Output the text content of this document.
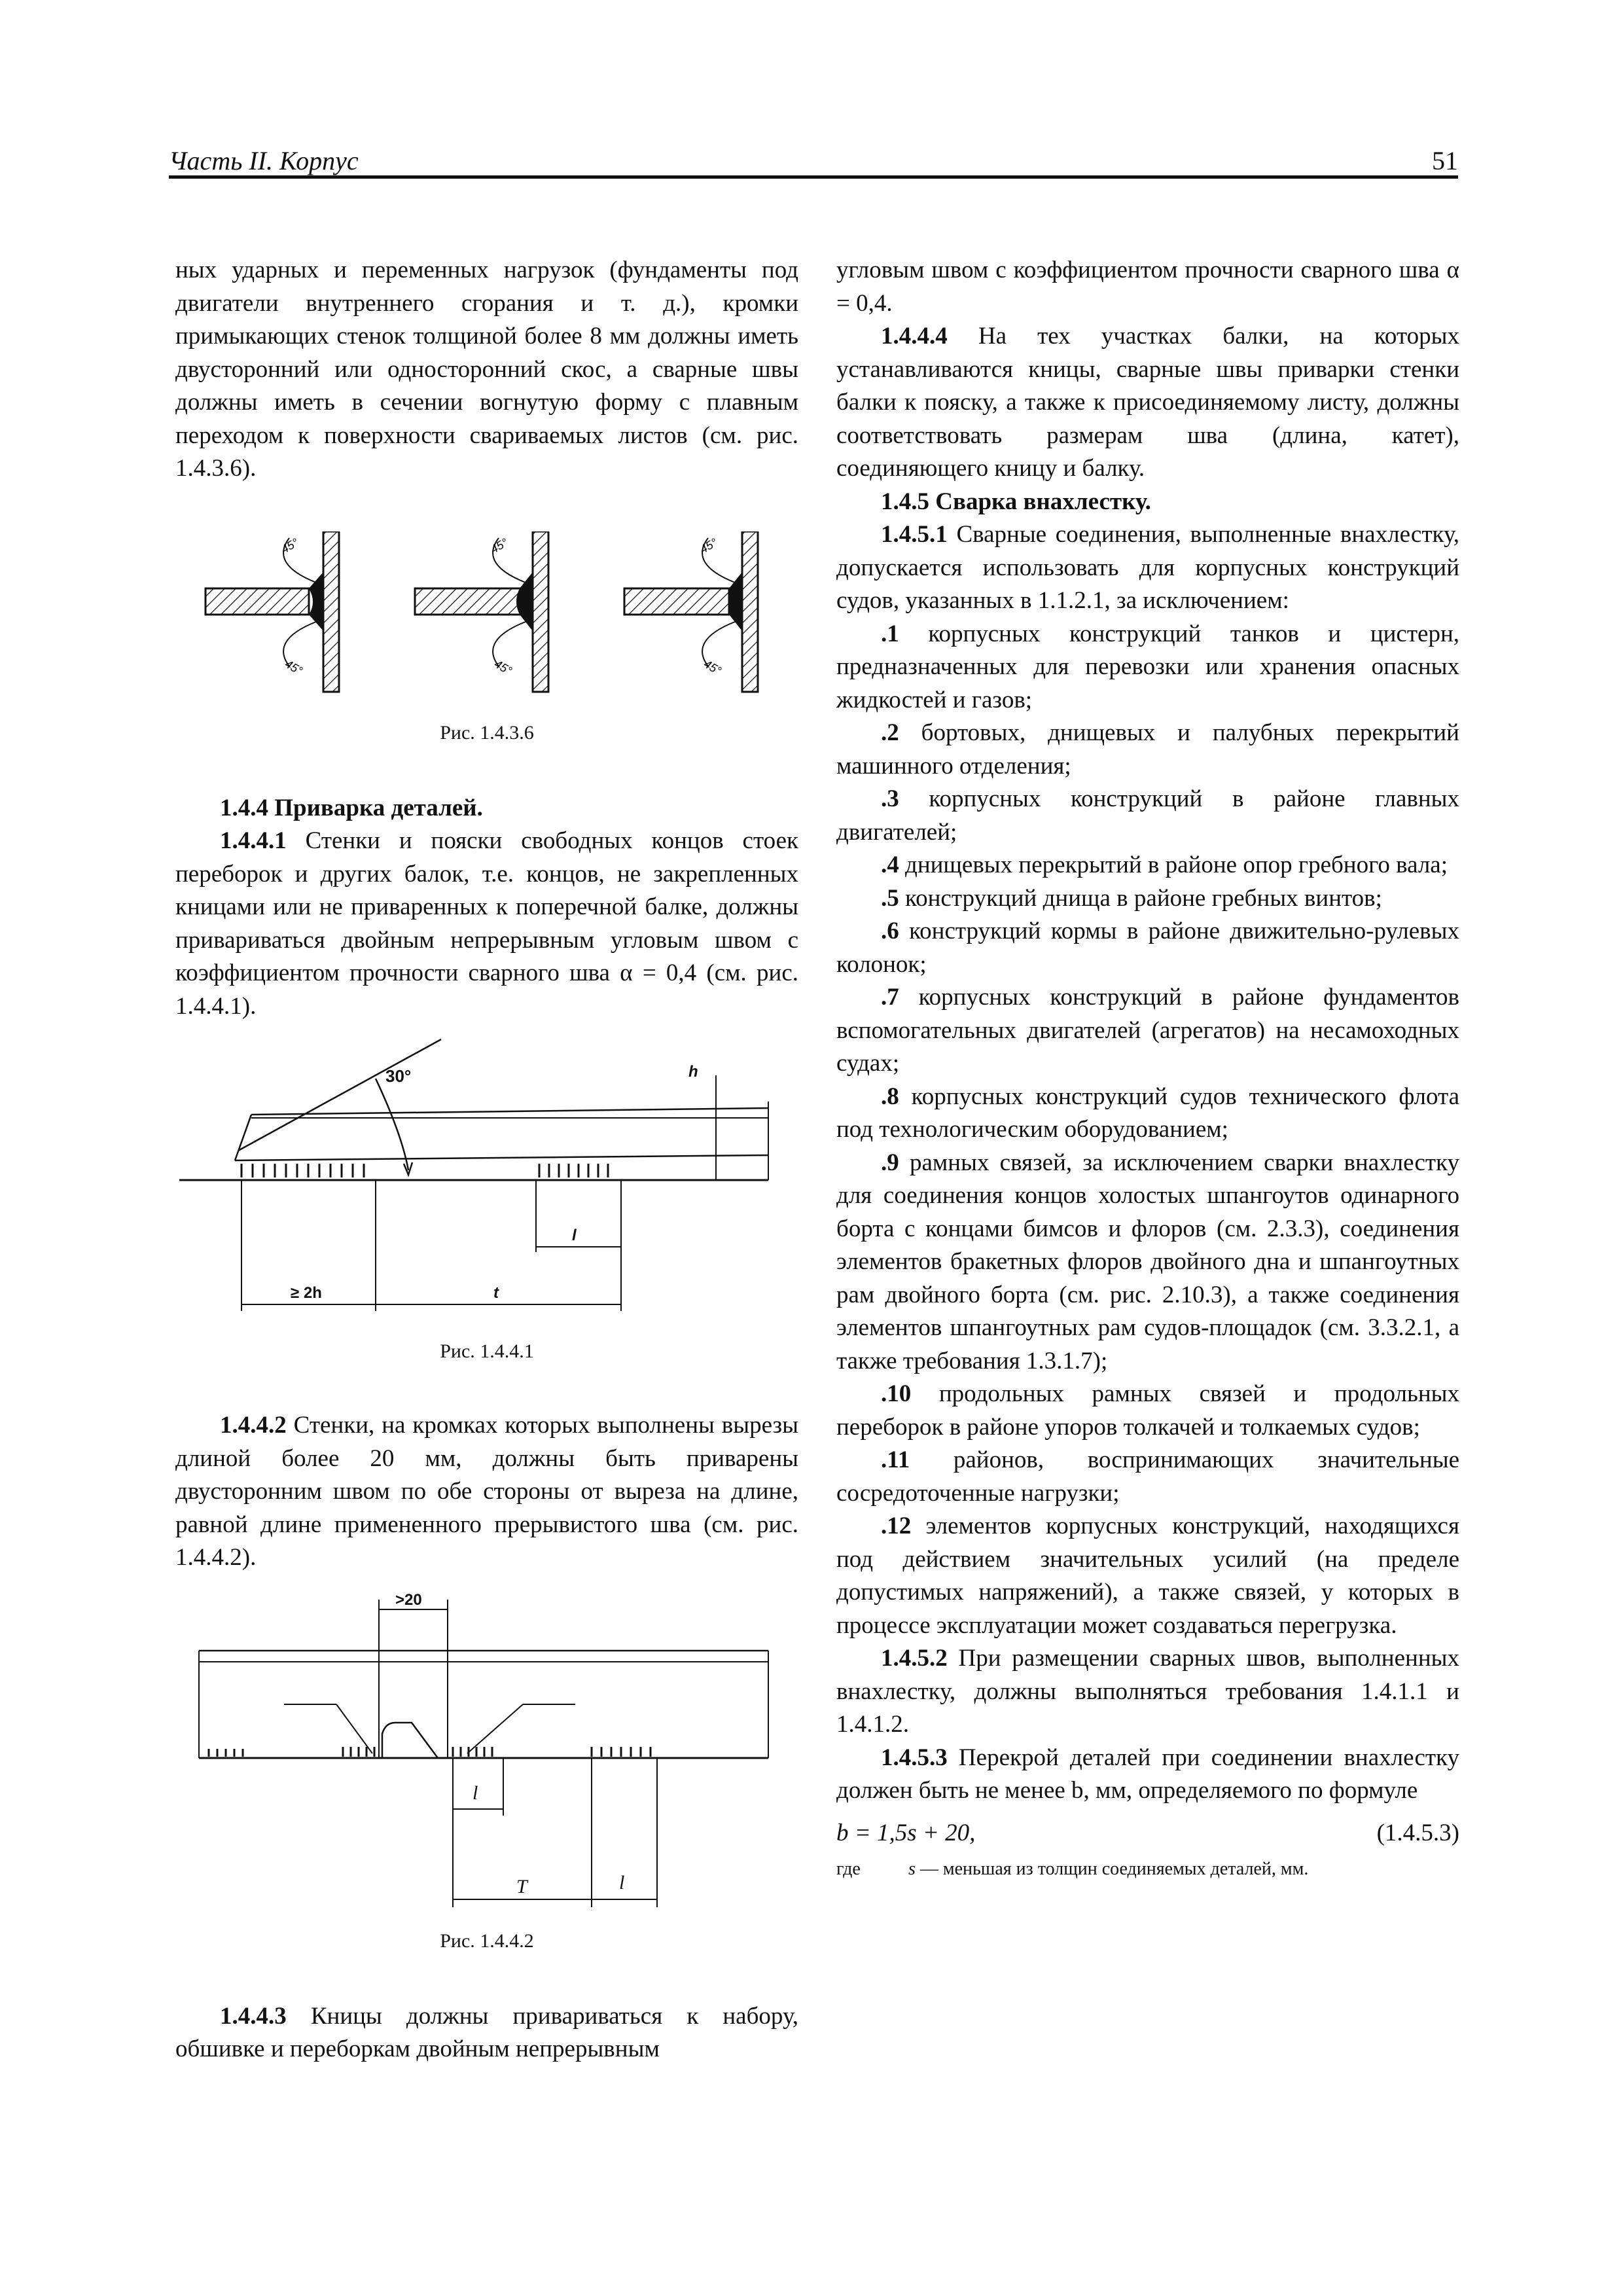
Часть II. Корпус	51

ных ударных и переменных нагрузок (фундаменты под двигатели внутреннего сгорания и т. д.), кромки примыкающих стенок толщиной более 8 мм должны иметь двусторонний или односторонний скос, а сварные швы должны иметь в сечении вогнутую форму с плавным переходом к поверхности свариваемых листов (см. рис. 1.4.3.6).

45°
45°
45°
45°
45°
45°
Рис. 1.4.3.6

1.4.4 Приварка деталей.

1.4.4.1 Стенки и пояски свободных концов стоек переборок и других балок, т.е. концов, не закрепленных кницами или не приваренных к поперечной балке, должны привариваться двойным непрерывным угловым швом с коэффициентом прочности сварного шва α = 0,4 (см. рис. 1.4.4.1).

30°	h
l
≥ 2h	t
Рис. 1.4.4.1

1.4.4.2 Стенки, на кромках которых выполнены вырезы длиной более 20 мм, должны быть приварены двусторонним швом по обе стороны от выреза на длине, равной длине примененного прерывистого шва (см. рис. 1.4.4.2).

>20
l
T	l
Рис. 1.4.4.2

1.4.4.3 Кницы должны привариваться к набору, обшивке и переборкам двойным непрерывным

угловым швом с коэффициентом прочности сварного шва α = 0,4.

1.4.4.4 На тех участках балки, на которых устанавливаются кницы, сварные швы приварки стенки балки к пояску, а также к присоединяемому листу, должны соответствовать размерам шва (длина, катет), соединяющего кницу и балку.

1.4.5 Сварка внахлестку.

1.4.5.1 Сварные соединения, выполненные внахлестку, допускается использовать для корпусных конструкций судов, указанных в 1.1.2.1, за исключением:

.1 корпусных конструкций танков и цистерн, предназначенных для перевозки или хранения опасных жидкостей и газов;

.2 бортовых, днищевых и палубных перекрытий машинного отделения;

.3 корпусных конструкций в районе главных двигателей;

.4 днищевых перекрытий в районе опор гребного вала;

.5 конструкций днища в районе гребных винтов;

.6 конструкций кормы в районе движительно-рулевых колонок;

.7 корпусных конструкций в районе фундаментов вспомогательных двигателей (агрегатов) на несамоходных судах;

.8 корпусных конструкций судов технического флота под технологическим оборудованием;

.9 рамных связей, за исключением сварки внахлестку для соединения концов холостых шпангоутов одинарного борта с концами бимсов и флоров (см. 2.3.3), соединения элементов бракетных флоров двойного дна и шпангоутных рам двойного борта (см. рис. 2.10.3), а также соединения элементов шпангоутных рам судов-площадок (см. 3.3.2.1, а также требования 1.3.1.7);

.10 продольных рамных связей и продольных переборок в районе упоров толкачей и толкаемых судов;

.11 районов, воспринимающих значительные сосредоточенные нагрузки;

.12 элементов корпусных конструкций, находящихся под действием значительных усилий (на пределе допустимых напряжений), а также связей, у которых в процессе эксплуатации может создаваться перегрузка.

1.4.5.2 При размещении сварных швов, выполненных внахлестку, должны выполняться требования 1.4.1.1 и 1.4.1.2.

1.4.5.3 Перекрой деталей при соединении внахлестку должен быть не менее b, мм, определяемого по формуле

b = 1,5s + 20,	(1.4.5.3)
где	s — меньшая из толщин соединяемых деталей, мм.
